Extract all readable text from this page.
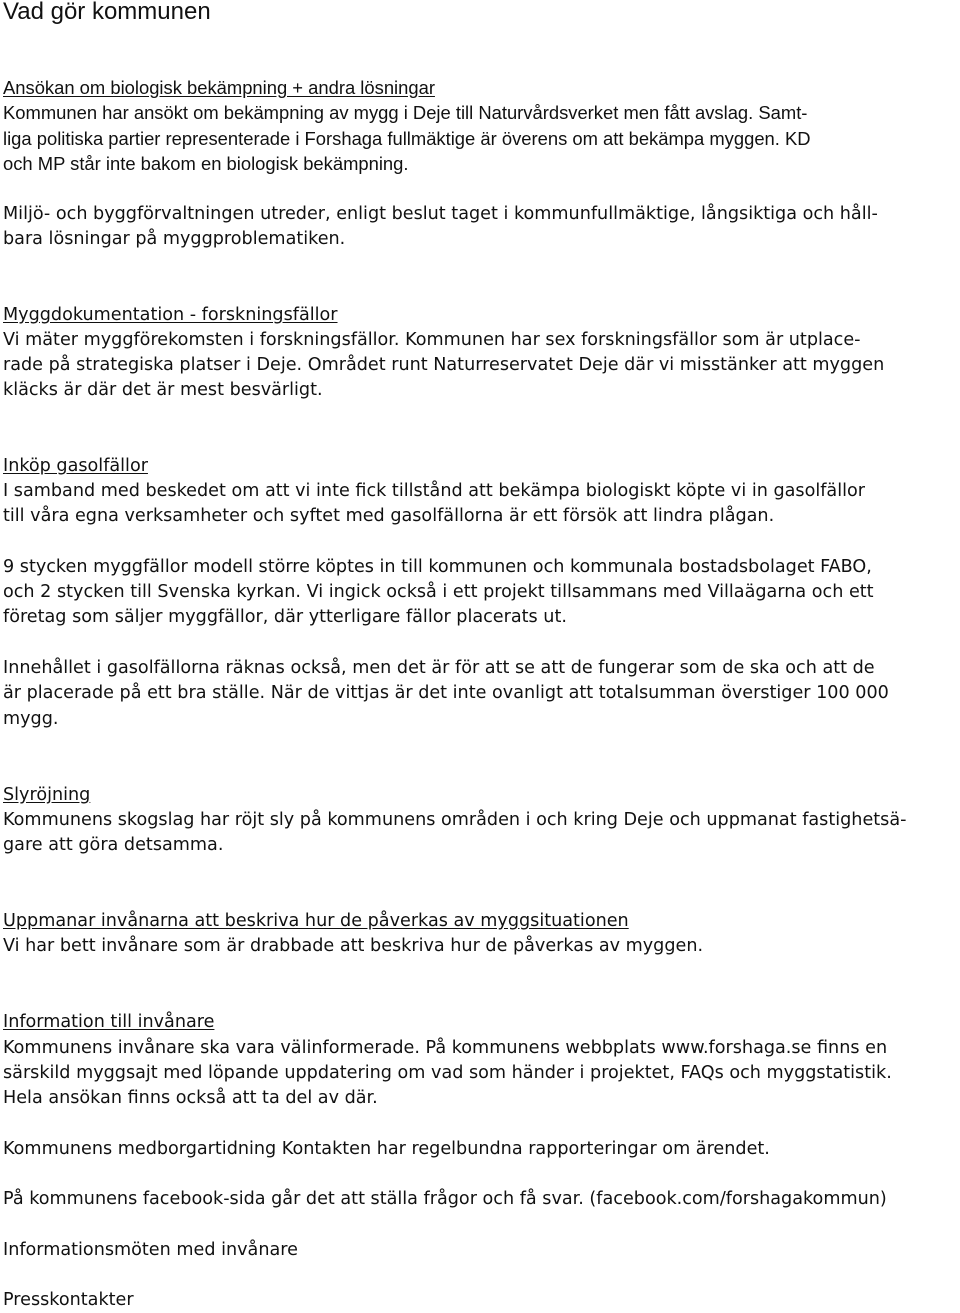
Vad gör kommunen
Ansökan om biologisk bekämpning + andra lösningar
Kommunen har ansökt om bekämpning av mygg i Deje till Naturvårdsverket men fått avslag. Samt-
liga politiska partier representerade i Forshaga fullmäktige är överens om att bekämpa myggen. KD
och MP står inte bakom en biologisk bekämpning.
Miljö- och byggförvaltningen utreder, enligt beslut taget i kommunfullmäktige, långsiktiga och håll-
bara lösningar på myggproblematiken.
Myggdokumentation - forskningsfällor
Vi mäter myggförekomsten i forskningsfällor. Kommunen har sex forskningsfällor som är utplace-
rade på strategiska platser i Deje. Området runt Naturreservatet Deje där vi misstänker att myggen
kläcks är där det är mest besvärligt.
Inköp gasolfällor
I samband med beskedet om att vi inte fick tillstånd att bekämpa biologiskt köpte vi in gasolfällor
till våra egna verksamheter och syftet med gasolfällorna är ett försök att lindra plågan.
9 stycken myggfällor modell större köptes in till kommunen och kommunala bostadsbolaget FABO,
och 2 stycken till Svenska kyrkan. Vi ingick också i ett projekt tillsammans med Villaägarna och ett
företag som säljer myggfällor, där ytterligare fällor placerats ut.
Innehållet i gasolfällorna räknas också, men det är för att se att de fungerar som de ska och att de
är placerade på ett bra ställe. När de vittjas är det inte ovanligt att totalsumman överstiger 100 000
mygg.
Slyröjning
Kommunens skogslag har röjt sly på kommunens områden i och kring Deje och uppmanat fastighetsä-
gare att göra detsamma.
Uppmanar invånarna att beskriva hur de påverkas av myggsituationen
Vi har bett invånare som är drabbade att beskriva hur de påverkas av myggen.
Information till invånare
Kommunens invånare ska vara välinformerade. På kommunens webbplats www.forshaga.se finns en
särskild myggsajt med löpande uppdatering om vad som händer i projektet, FAQs och myggstatistik.
Hela ansökan finns också att ta del av där.
Kommunens medborgartidning Kontakten har regelbundna rapporteringar om ärendet.
På kommunens facebook-sida går det att ställa frågor och få svar. (facebook.com/forshagakommun)
Informationsmöten med invånare
Presskontakter
